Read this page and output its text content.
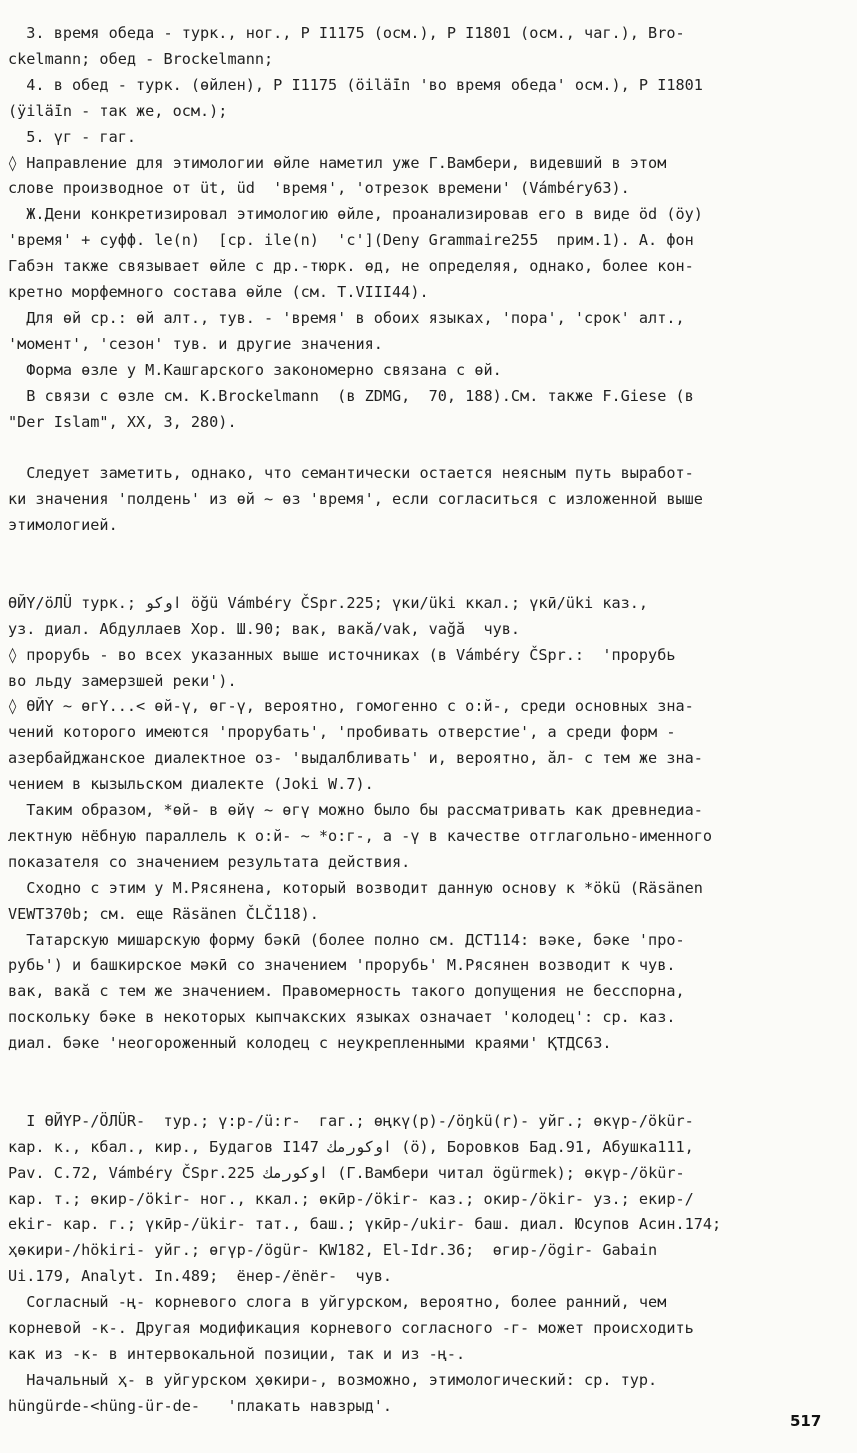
3. время обеда - турк., ног., Р I1175 (осм.), Р I1801 (осм., чаг.), Bro-
ckelmann; обед - Brockelmann;
4. в обед - турк. (өйлен), Р I1175 (öilä̈in 'во время обеда' осм.), Р I1801
(ÿilä̈in - так же, осм.);
5. үг - гаг.
◊ Направление для этимологии өйле наметил уже Г.Вамбери, видевший в этом
слове производное от üt, üd  'время', 'отрезок времени' (Vámbéry63).
Ж.Дени конкретизировал этимологию өйле, проанализировав его в виде öd (öy)
'время' + суфф. le(n)  [ср. ile(n)  'с'](Deny Grammaire255  прим.1). А. фон
Габэн также связывает өйле с др.-тюрк. өд, не определяя, однако, более кон-
кретно морфемного состава өйле (см. T.VIII44).
Для өй ср.: өй алт., тув. - 'время' в обоих языках, 'пора', 'срок' алт.,
'момент', 'сезон' тув. и другие значения.
Форма өзле у М.Кашгарского закономерно связана с өй.
В связи с өзле см. K.Brockelmann  (в ZDMG,  70, 188).См. также F.Giese (в
"Der Islam", XX, 3, 280).
Следует заметить, однако, что семантически остается неясным путь выработ-
ки значения 'полдень' из өй ~ өз 'время', если согласиться с изложенной выше
этимологией.
ӨЙҮ/öЛÜ турк.; اوکو öğü Vámbéry ČSpr.225; үки/üki ккал.; үкӣ/üki каз.,
уз. диал. Абдуллаев Хор. Ш.90; вак, вакӑ/vak, vağă  чув.
◊ прорубь - во всех указанных выше источниках (в Vámbéry ČSpr.:  'прорубь
во льду замерзшей реки').
◊ ӨЙҮ ~ өгҮ...< өй-ү, өг-ү, вероятно, гомогенно с о:й-, среди основных зна-
чений которого имеются 'прорубать', 'пробивать отверстие', а среди форм -
азербайджанское диалектное оз- 'выдалбливать' и, вероятно, ӑл- с тем же зна-
чением в кызыльском диалекте (Joki W.7).
Таким образом, *өй- в өйү ~ өгү можно было бы рассматривать как древнедиа-
лектную нёбную параллель к о:й- ~ *о:г-, а -ү в качестве отглагольно-именного
показателя со значением результата действия.
Сходно с этим у М.Рясянена, который возводит данную основу к *ökü (Räsänen
VEWT370b; см. еще Räsänen ČLČ118).
Татарскую мишарскую форму бәкӣ (более полно см. ДСТ114: вәке, бәке 'про-
рубь') и башкирское мәкӣ со значением 'прорубь' М.Рясянен возводит к чув.
вак, вакӑ с тем же значением. Правомерность такого допущения не бесспорна,
поскольку бәке в некоторых кыпчакских языках означает 'колодец': ср. каз.
диал. бәке 'неогороженный колодец с неукрепленными краями' ҚТДС63.
I ӨЙҮР-/ÖЛÜR-  тур.; ү:р-/ü:r-  гаг.; өңкү(р)-/öŋkü(r)- уйг.; өкүр-/ökür-
кар. к., кбал., кир., Будагов I147 اوکورمك (ö), Боровков Бад.91, Абушка111,
Pav. C.72, Vámbéry ČSpr.225 اوکورمك (Г.Вамбери читал ögürmek); өкүр-/ökür-
кар. т.; өкир-/ökir- ног., ккал.; өкӣр-/ökir- каз.; окир-/ökir- уз.; екир-/
ekir- кар. г.; үкӣр-/ükir- тат., баш.; үкӣр-/ukir- баш. диал. Юсупов Асин.174;
ҳөкири-/hökiri- уйг.; өгүр-/ögür- KW182, El-Idr.36;  өгир-/ögir- Gabain
Ui.179, Analyt. In.489;  ёнер-/ёnёr-  чув.
Согласный -ң- корневого слога в уйгурском, вероятно, более ранний, чем
корневой -к-. Другая модификация корневого согласного -г- может происходить
как из -к- в интервокальной позиции, так и из -ң-.
Начальный ҳ- в уйгурском ҳөкири-, возможно, этимологический: ср. тур.
hüngürde-<hüng-ür-de-   'плакать навзрыд'.
517
